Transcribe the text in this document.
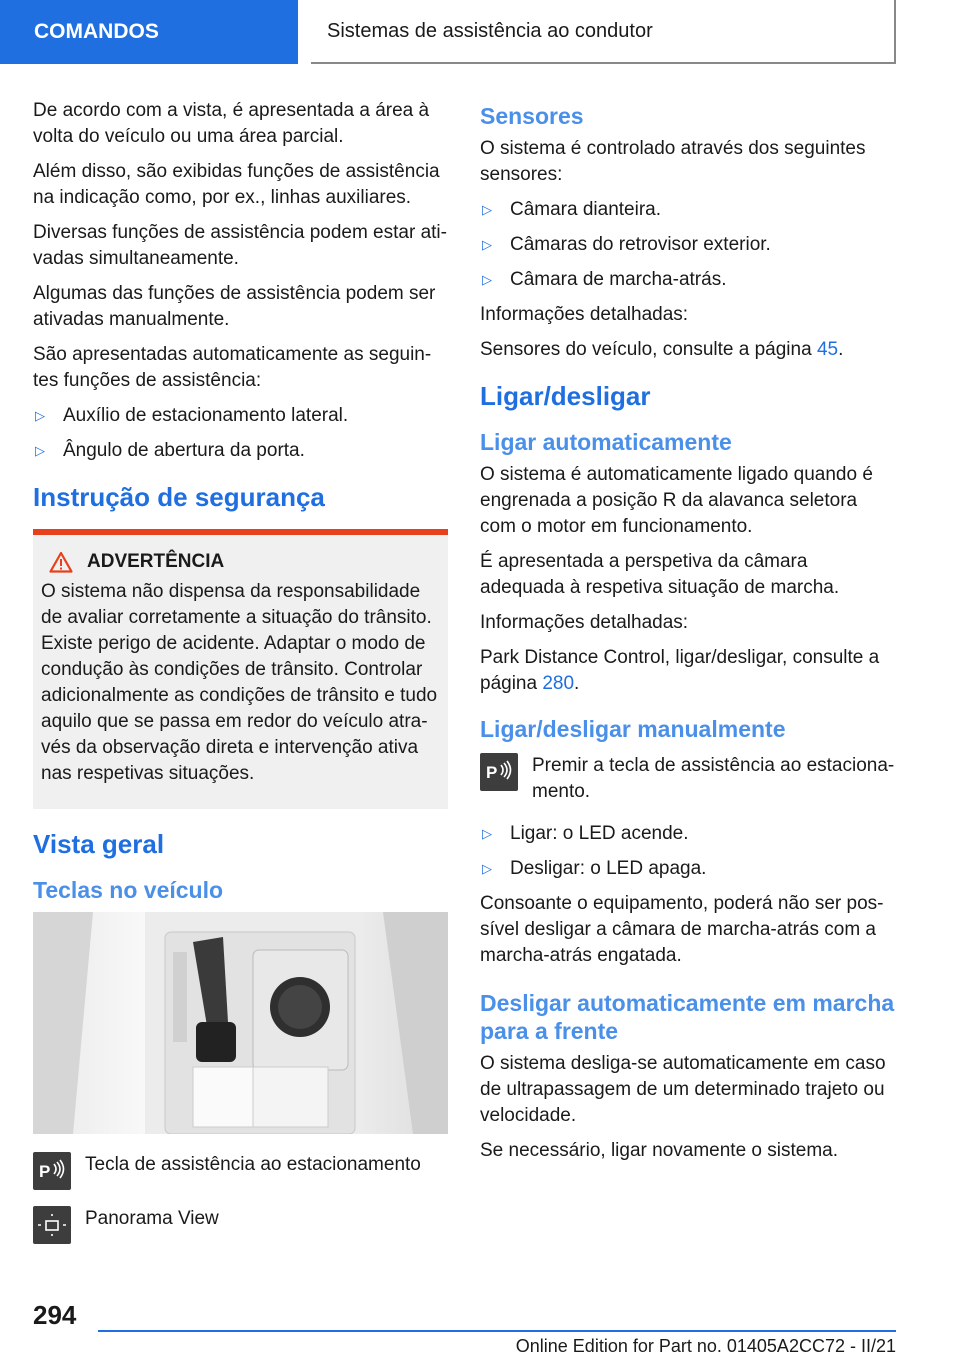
COMANDOS	Sistemas de assistência ao condutor

De acordo com a vista, é apresentada a área à volta do veículo ou uma área parcial.

Além disso, são exibidas funções de assistência na indicação como, por ex., linhas auxiliares.

Diversas funções de assistência podem estar ati-vadas simultaneamente.

Algumas das funções de assistência podem ser ativadas manualmente.

São apresentadas automaticamente as seguin-tes funções de assistência:

▷ Auxílio de estacionamento lateral.
▷ Ângulo de abertura da porta.
Instrução de segurança
ADVERTÊNCIA

O sistema não dispensa da responsabilidade de avaliar corretamente a situação do trânsito. Existe perigo de acidente. Adaptar o modo de condução às condições de trânsito. Controlar adicionalmente as condições de trânsito e tudo aquilo que se passa em redor do veículo atra-vés da observação direta e intervenção ativa nas respetivas situações.

Vista geral
Teclas no veículo
P Tecla de assistência ao estacionamento

Panorama View

Sensores

O sistema é controlado através dos seguintes sensores:

▷ Câmara dianteira.
▷ Câmaras do retrovisor exterior.
▷ Câmara de marcha-atrás.

Informações detalhadas:

Sensores do veículo, consulte a página 45.

Ligar/desligar
Ligar automaticamente

O sistema é automaticamente ligado quando é engrenada a posição R da alavanca seletora com o motor em funcionamento.

É apresentada a perspetiva da câmara adequada à respetiva situação de marcha.

Informações detalhadas:

Park Distance Control, ligar/desligar, consulte a página 280.

Ligar/desligar manualmente
P Premir a tecla de assistência ao estaciona-mento.

▷ Ligar: o LED acende.
▷ Desligar: o LED apaga.

Consoante o equipamento, poderá não ser pos-sível desligar a câmara de marcha-atrás com a marcha-atrás engatada.

Desligar automaticamente em marcha para a frente

O sistema desliga-se automaticamente em caso de ultrapassagem de um determinado trajeto ou velocidade.

Se necessário, ligar novamente o sistema.

294
Online Edition for Part no. 01405A2CC72 - II/21
